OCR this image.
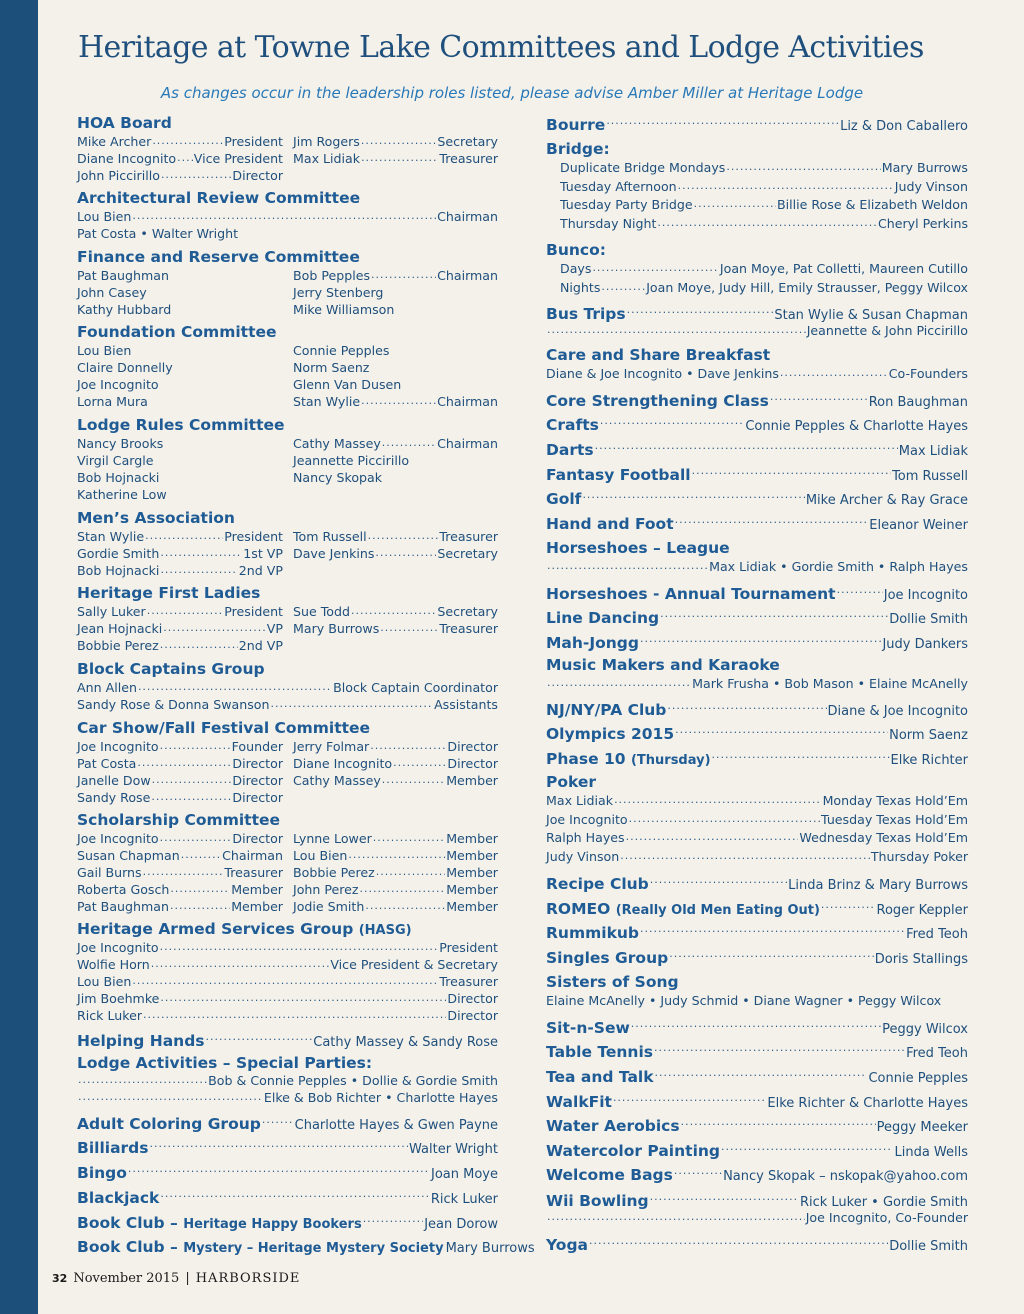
Heritage at Towne Lake Committees and Lodge Activities
As changes occur in the leadership roles listed, please advise Amber Miller at Heritage Lodge
HOA Board
Mike Archer .....	President Jim Rogers .....	Secretary
Diane Incognito ..... Vice President Max Lidiak .....	Treasurer
John Piccirillo .....	Director
Architectural Review Committee
Lou Bien .....	Chairman
Pat Costa • Walter Wright
Finance and Reserve Committee
Pat Baughman	Bob Pepples .....	Chairman
John Casey	Jerry Stenberg
Kathy Hubbard	Mike Williamson
Foundation Committee
Lou Bien	Connie Pepples
Claire Donnelly	Norm Saenz
Joe Incognito	Glenn Van Dusen
Lorna Mura	Stan Wylie .....	Chairman
Lodge Rules Committee
Nancy Brooks	Cathy Massey .....	Chairman
Virgil Cargle	Jeannette Piccirillo
Bob Hojnacki	Nancy Skopak
Katherine Low
Men’s Association
Stan Wylie .....	President Tom Russell .....	Treasurer
Gordie Smith .....	1st VP Dave Jenkins .....	Secretary
Bob Hojnacki .....	2nd VP
Heritage First Ladies
Sally Luker .....	President Sue Todd .....	Secretary
Jean Hojnacki .....	VP Mary Burrows .....	Treasurer
Bobbie Perez .....	2nd VP
Block Captains Group
Ann Allen .....	Block Captain Coordinator
Sandy Rose & Donna Swanson .....	Assistants
Car Show/Fall Festival Committee
Joe Incognito .....	Founder Jerry Folmar .....	Director
Pat Costa .....	Director Diane Incognito .....	Director
Janelle Dow .....	Director Cathy Massey .....	Member
Sandy Rose .....	Director
Scholarship Committee
Joe Incognito .....	Director Lynne Lower .....	Member
Susan Chapman .....	Chairman Lou Bien .....	Member
Gail Burns .....	Treasurer Bobbie Perez .....	Member
Roberta Gosch .....	Member John Perez .....	Member
Pat Baughman .....	Member Jodie Smith .....	Member
Heritage Armed Services Group (HASG)
Joe Incognito .....	President
Wolfie Horn .....	Vice President & Secretary
Lou Bien .....	Treasurer
Jim Boehmke .....	Director
Rick Luker .....	Director
Helping Hands .....	Cathy Massey & Sandy Rose
Lodge Activities – Special Parties:
.....
Bob & Connie Pepples • Dollie & Gordie Smith
.....
Elke & Bob Richter • Charlotte Hayes
Adult Coloring Group .....	Charlotte Hayes & Gwen Payne
Billiards .....	Walter Wright
Bingo .....	Joan Moye
Blackjack .....	Rick Luker
Book Club – Heritage Happy Bookers .....	Jean Dorow
Book Club – Mystery – Heritage Mystery Society Mary Burrows
Bourre .....	Liz & Don Caballero
Bridge:
Duplicate Bridge Mondays .....	Mary Burrows
Tuesday Afternoon .....	Judy Vinson
Tuesday Party Bridge .....	Billie Rose & Elizabeth Weldon
Thursday Night .....	Cheryl Perkins
Bunco:
Days .....	Joan Moye, Pat Colletti, Maureen Cutillo
Nights .....	Joan Moye, Judy Hill, Emily Strausser, Peggy Wilcox
Bus Trips .....	Stan Wylie & Susan Chapman
.....
Jeannette & John Piccirillo
Care and Share Breakfast
Diane & Joe Incognito • Dave Jenkins .....	Co-Founders
Core Strengthening Class .....	Ron Baughman
Crafts .....	Connie Pepples & Charlotte Hayes
Darts .....	Max Lidiak
Fantasy Football .....	Tom Russell
Golf .....	Mike Archer & Ray Grace
Hand and Foot .....	Eleanor Weiner
Horseshoes – League
.....
Max Lidiak • Gordie Smith • Ralph Hayes
Horseshoes - Annual Tournament .....	Joe Incognito
Line Dancing .....	Dollie Smith
Mah-Jongg .....	Judy Dankers
Music Makers and Karaoke
.....
Mark Frusha • Bob Mason • Elaine McAnelly
NJ/NY/PA Club .....	Diane & Joe Incognito
Olympics 2015 .....	Norm Saenz
Phase 10 (Thursday) .....	Elke Richter
Poker
Max Lidiak .....	Monday Texas Hold’Em
Joe Incognito .....	Tuesday Texas Hold’Em
Ralph Hayes .....	Wednesday Texas Hold’Em
Judy Vinson .....	Thursday Poker
Recipe Club .....	Linda Brinz & Mary Burrows
ROMEO (Really Old Men Eating Out) .....	Roger Keppler
Rummikub .....	Fred Teoh
Singles Group .....	Doris Stallings
Sisters of Song
Elaine McAnelly • Judy Schmid • Diane Wagner • Peggy Wilcox
Sit-n-Sew .....	Peggy Wilcox
Table Tennis .....	Fred Teoh
Tea and Talk .....	Connie Pepples
WalkFit .....	Elke Richter & Charlotte Hayes
Water Aerobics .....	Peggy Meeker
Watercolor Painting .....	Linda Wells
Welcome Bags .....	Nancy Skopak – nskopak@yahoo.com
Wii Bowling .....	Rick Luker • Gordie Smith
.....
Joe Incognito, Co-Founder
Yoga .....	Dollie Smith
32 November 2015 | HARBORSIDE
